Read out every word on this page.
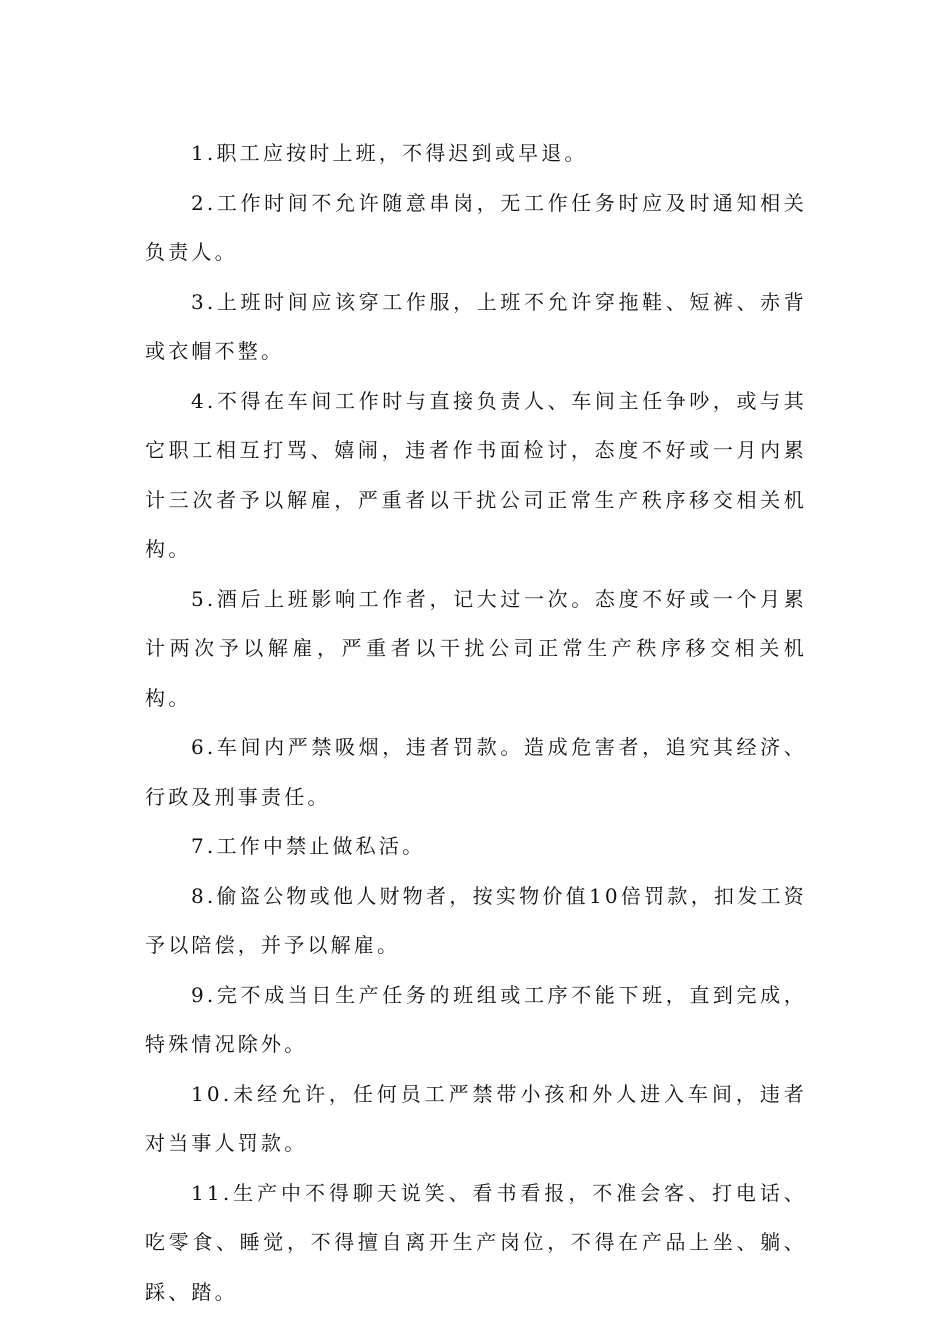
1.职工应按时上班，不得迟到或早退。

2.工作时间不允许随意串岗，无工作任务时应及时通知相关负责人。

3.上班时间应该穿工作服，上班不允许穿拖鞋、短裤、赤背或衣帽不整。

4.不得在车间工作时与直接负责人、车间主任争吵，或与其它职工相互打骂、嬉闹，违者作书面检讨，态度不好或一月内累计三次者予以解雇，严重者以干扰公司正常生产秩序移交相关机构。

5.酒后上班影响工作者，记大过一次。态度不好或一个月累计两次予以解雇，严重者以干扰公司正常生产秩序移交相关机构。

6.车间内严禁吸烟，违者罚款。造成危害者，追究其经济、行政及刑事责任。

7.工作中禁止做私活。

8.偷盗公物或他人财物者，按实物价值10倍罚款，扣发工资予以陪偿，并予以解雇。

9.完不成当日生产任务的班组或工序不能下班，直到完成，特殊情况除外。

10.未经允许，任何员工严禁带小孩和外人进入车间，违者对当事人罚款。

11.生产中不得聊天说笑、看书看报，不准会客、打电话、吃零食、睡觉，不得擅自离开生产岗位，不得在产品上坐、躺、踩、踏。
